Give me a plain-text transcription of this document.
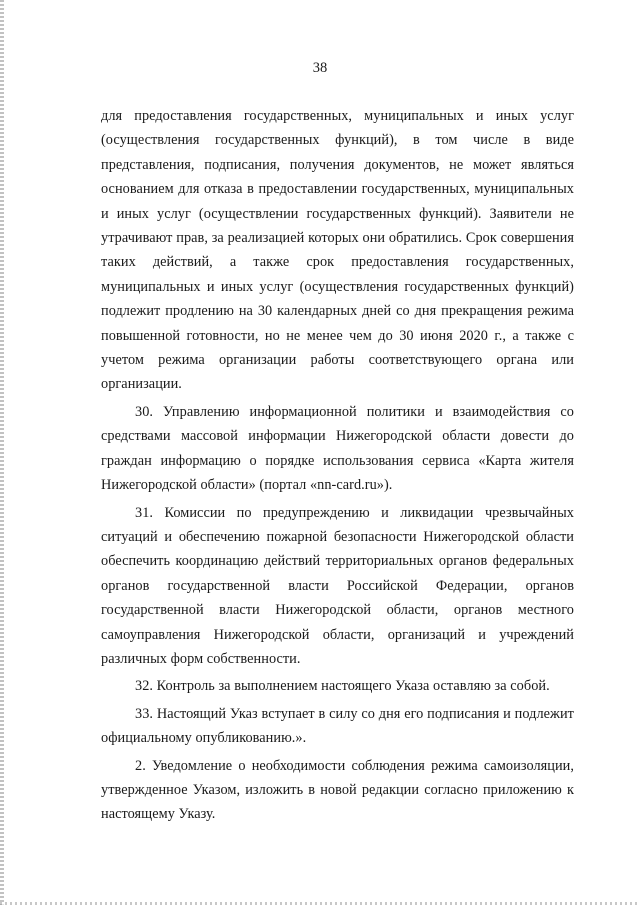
38

для предоставления государственных, муниципальных и иных услуг (осуществления государственных функций), в том числе в виде представления, подписания, получения документов, не может являться основанием для отказа в предоставлении государственных, муниципальных и иных услуг (осуществлении государственных функций). Заявители не утрачивают прав, за реализацией которых они обратились. Срок совершения таких действий, а также срок предоставления государственных, муниципальных и иных услуг (осуществления государственных функций) подлежит продлению на 30 календарных дней со дня прекращения режима повышенной готовности, но не менее чем до 30 июня 2020 г., а также с учетом режима организации работы соответствующего органа или организации.

30. Управлению информационной политики и взаимодействия со средствами массовой информации Нижегородской области довести до граждан информацию о порядке использования сервиса «Карта жителя Нижегородской области» (портал «nn-card.ru»).

31. Комиссии по предупреждению и ликвидации чрезвычайных ситуаций и обеспечению пожарной безопасности Нижегородской области обеспечить координацию действий территориальных органов федеральных органов государственной власти Российской Федерации, органов государственной власти Нижегородской области, органов местного самоуправления Нижегородской области, организаций и учреждений различных форм собственности.

32. Контроль за выполнением настоящего Указа оставляю за собой.

33. Настоящий Указ вступает в силу со дня его подписания и подлежит официальному опубликованию.».

2. Уведомление о необходимости соблюдения режима самоизоляции, утвержденное Указом, изложить в новой редакции согласно приложению к настоящему Указу.
